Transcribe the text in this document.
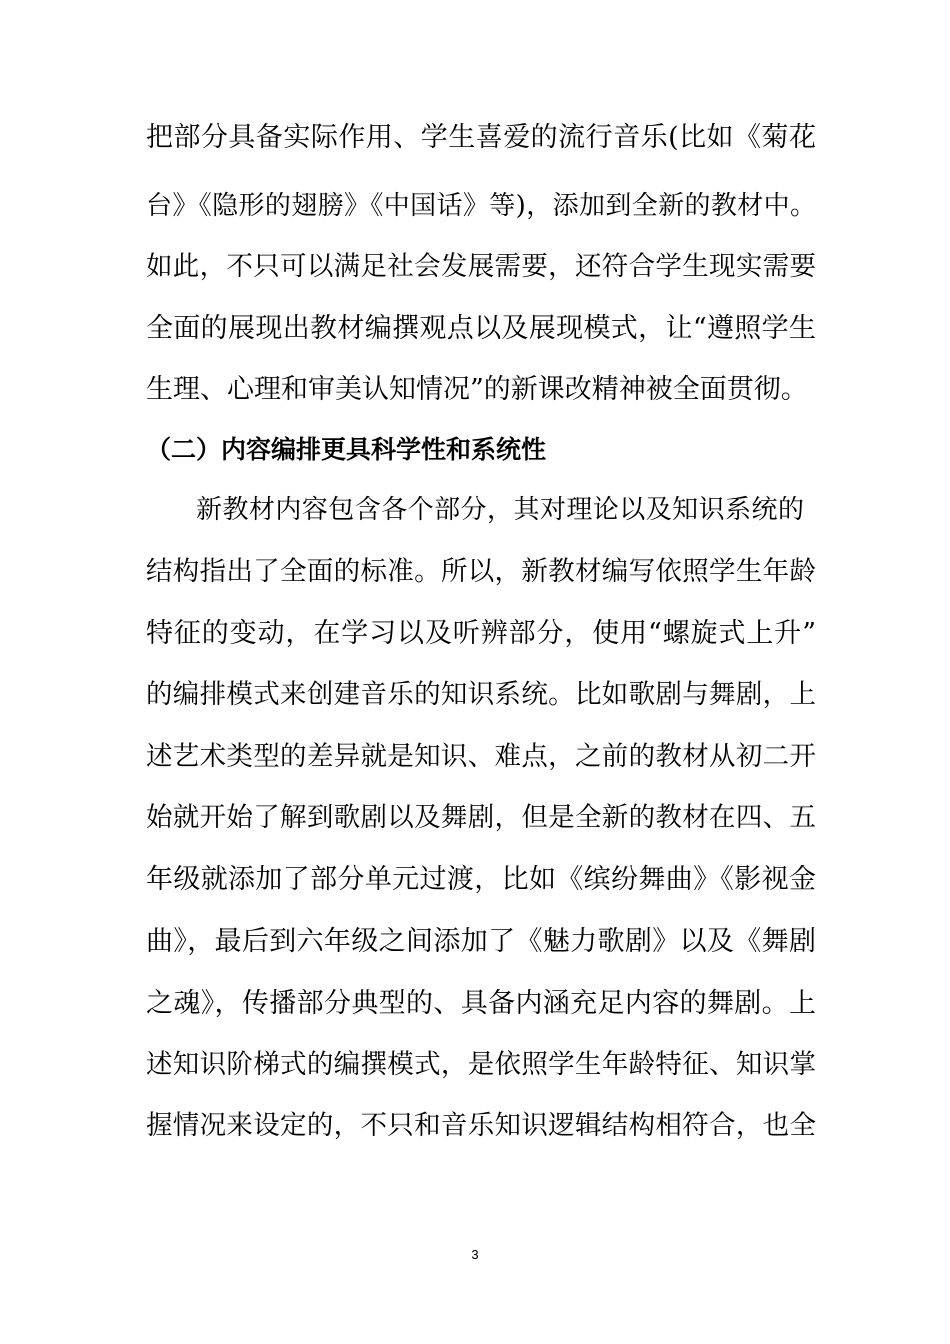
把部分具备实际作用、学生喜爱的流行音乐(比如《菊花
台》《隐形的翅膀》《中国话》等)，添加到全新的教材中。
如此，不只可以满足社会发展需要，还符合学生现实需要
全面的展现出教材编撰观点以及展现模式，让“遵照学生
生理、心理和审美认知情况”的新课改精神被全面贯彻。
（二）内容编排更具科学性和系统性
新教材内容包含各个部分，其对理论以及知识系统的
结构指出了全面的标准。所以，新教材编写依照学生年龄
特征的变动，在学习以及听辨部分，使用“螺旋式上升”
的编排模式来创建音乐的知识系统。比如歌剧与舞剧，上
述艺术类型的差异就是知识、难点，之前的教材从初二开
始就开始了解到歌剧以及舞剧，但是全新的教材在四、五
年级就添加了部分单元过渡，比如《缤纷舞曲》《影视金
曲》，最后到六年级之间添加了《魅力歌剧》以及《舞剧
之魂》，传播部分典型的、具备内涵充足内容的舞剧。上
述知识阶梯式的编撰模式，是依照学生年龄特征、知识掌
握情况来设定的，不只和音乐知识逻辑结构相符合，也全
3
